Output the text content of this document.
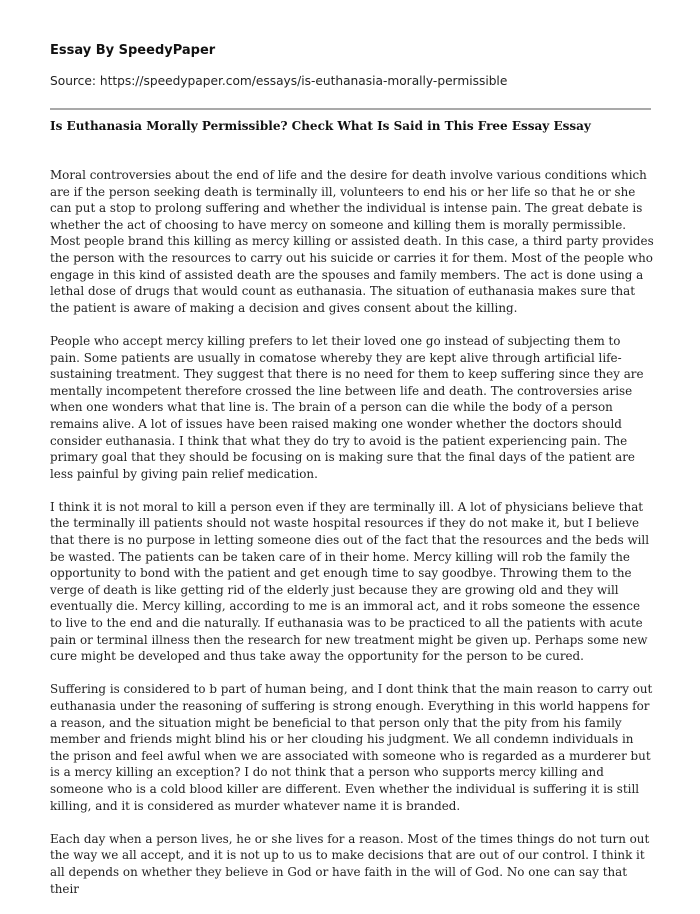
Essay By SpeedyPaper

Source: https://speedypaper.com/essays/is-euthanasia-morally-permissible
Is Euthanasia Morally Permissible? Check What Is Said in This Free Essay Essay

Moral controversies about the end of life and the desire for death involve various conditions which are if the person seeking death is terminally ill, volunteers to end his or her life so that he or she can put a stop to prolong suffering and whether the individual is intense pain. The great debate is whether the act of choosing to have mercy on someone and killing them is morally permissible. Most people brand this killing as mercy killing or assisted death. In this case, a third party provides the person with the resources to carry out his suicide or carries it for them. Most of the people who engage in this kind of assisted death are the spouses and family members. The act is done using a lethal dose of drugs that would count as euthanasia. The situation of euthanasia makes sure that the patient is aware of making a decision and gives consent about the killing.

People who accept mercy killing prefers to let their loved one go instead of subjecting them to pain. Some patients are usually in comatose whereby they are kept alive through artificial life-sustaining treatment. They suggest that there is no need for them to keep suffering since they are mentally incompetent therefore crossed the line between life and death. The controversies arise when one wonders what that line is. The brain of a person can die while the body of a person remains alive. A lot of issues have been raised making one wonder whether the doctors should consider euthanasia. I think that what they do try to avoid is the patient experiencing pain. The primary goal that they should be focusing on is making sure that the final days of the patient are less painful by giving pain relief medication.

I think it is not moral to kill a person even if they are terminally ill. A lot of physicians believe that the terminally ill patients should not waste hospital resources if they do not make it, but I believe that there is no purpose in letting someone dies out of the fact that the resources and the beds will be wasted. The patients can be taken care of in their home. Mercy killing will rob the family the opportunity to bond with the patient and get enough time to say goodbye. Throwing them to the verge of death is like getting rid of the elderly just because they are growing old and they will eventually die. Mercy killing, according to me is an immoral act, and it robs someone the essence to live to the end and die naturally. If euthanasia was to be practiced to all the patients with acute pain or terminal illness then the research for new treatment might be given up. Perhaps some new cure might be developed and thus take away the opportunity for the person to be cured.

Suffering is considered to b part of human being, and I dont think that the main reason to carry out euthanasia under the reasoning of suffering is strong enough. Everything in this world happens for a reason, and the situation might be beneficial to that person only that the pity from his family member and friends might blind his or her clouding his judgment. We all condemn individuals in the prison and feel awful when we are associated with someone who is regarded as a murderer but is a mercy killing an exception? I do not think that a person who supports mercy killing and someone who is a cold blood killer are different. Even whether the individual is suffering it is still killing, and it is considered as murder whatever name it is branded.

Each day when a person lives, he or she lives for a reason. Most of the times things do not turn out the way we all accept, and it is not up to us to make decisions that are out of our control. I think it all depends on whether they believe in God or have faith in the will of God. No one can say that their
